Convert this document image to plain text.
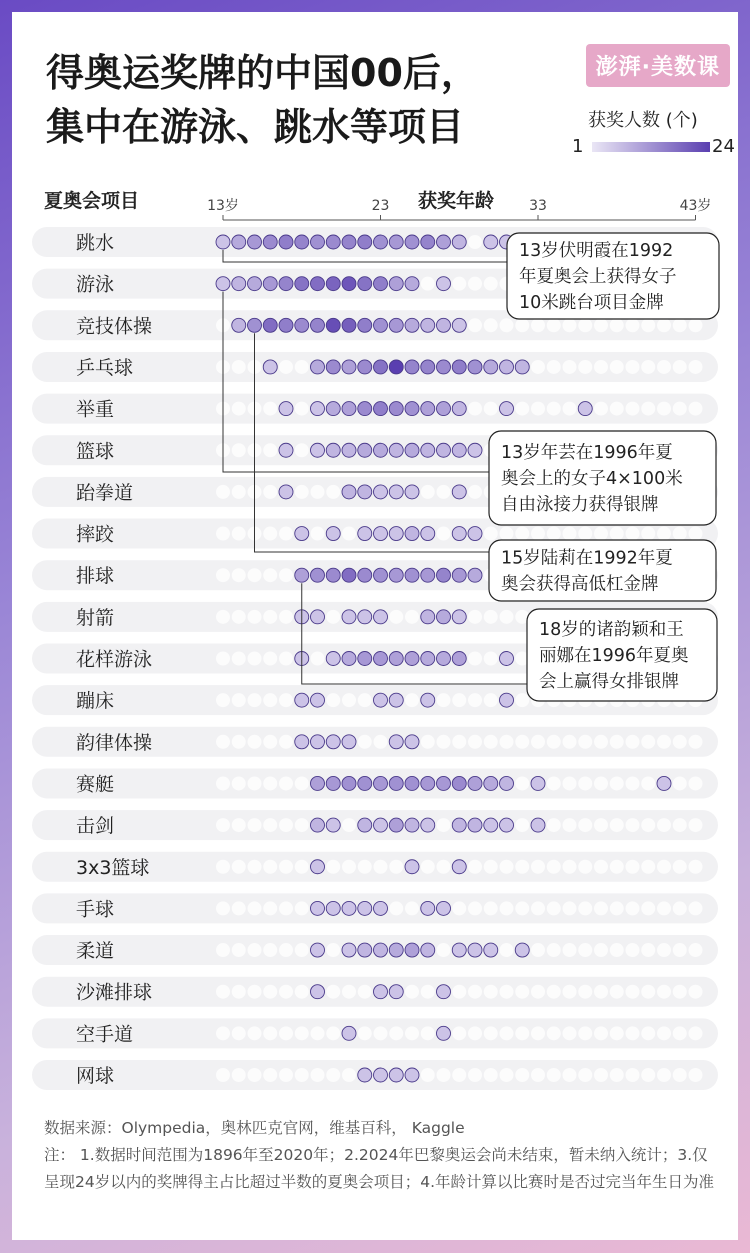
得奥运奖牌的中国00后，
集中在游泳、跳水等项目
澎湃·美数课
获奖人数 (个)
1	24
夏奥会项目	获奖年龄
13岁	23	33	43岁
跳水
游泳
竞技体操
乒乓球
举重
篮球
跆拳道
摔跤
排球
射箭
花样游泳
蹦床
韵律体操
赛艇
击剑
3x3篮球
手球
柔道
沙滩排球
空手道
网球
13岁伏明霞在1992
年夏奥会上获得女子
10米跳台项目金牌
13岁年芸在1996年夏
奥会上的女子4×100米
自由泳接力获得银牌
15岁陆莉在1992年夏
奥会获得高低杠金牌
18岁的诸韵颖和王
丽娜在1996年夏奥
会上赢得女排银牌

数据来源：Olympedia，奥林匹克官网，维基百科， Kaggle

注： 1.数据时间范围为1896年至2020年；2.2024年巴黎奥运会尚未结束，暂未纳入统计；3.仅呈现24岁以内的奖牌得主占比超过半数的夏奥会项目；4.年龄计算以比赛时是否过完当年生日为准
